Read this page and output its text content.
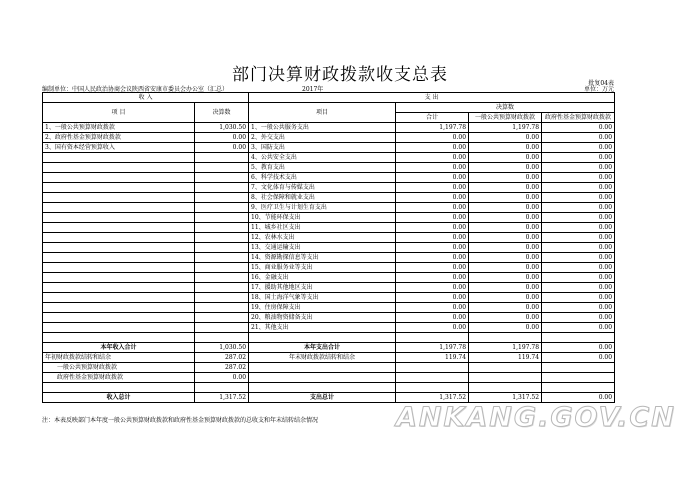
部门决算财政拨款收支总表	批复04表
编制单位：中国人民政治协商会议陕西省安康市委员会办公室（汇总）	2017年	单位：万元
收 入		支 出			
项 目	决算数	项目	决算数		
			合计	一般公共预算财政拨款	政府性基金预算财政拨款

1、一般公共预算财政拨款	1,030.50	1、一般公共服务支出	1,197.78	1,197.78	0.00
2、政府性基金预算财政拨款	0.00	2、外交支出	0.00	0.00	0.00
3、国有资本经营预算收入	0.00	3、国防支出	0.00	0.00	0.00
		4、公共安全支出	0.00	0.00	0.00
		5、教育支出	0.00	0.00	0.00
		6、科学技术支出	0.00	0.00	0.00
		7、文化体育与传媒支出	0.00	0.00	0.00
		8、社会保障和就业支出	0.00	0.00	0.00
		9、医疗卫生与计划生育支出	0.00	0.00	0.00
		10、节能环保支出	0.00	0.00	0.00
		11、城乡社区支出	0.00	0.00	0.00
		12、农林水支出	0.00	0.00	0.00
		13、交通运输支出	0.00	0.00	0.00
		14、资源勘探信息等支出	0.00	0.00	0.00
		15、商业服务业等支出	0.00	0.00	0.00
		16、金融支出	0.00	0.00	0.00
		17、援助其他地区支出	0.00	0.00	0.00
		18、国土海洋气象等支出	0.00	0.00	0.00
		19、住房保障支出	0.00	0.00	0.00
		20、粮油物资储备支出	0.00	0.00	0.00
		21、其他支出	0.00	0.00	0.00

本年收入合计	1,030.50	本年支出合计	1,197.78	1,197.78	0.00
年初财政拨款结转和结余	287.02	年末财政拨款结转和结余	119.74	119.74	0.00
一般公共预算财政拨款	287.02				
政府性基金预算财政拨款	0.00				

收入总计	1,317.52	支出总计	1,317.52	1,317.52	0.00
注：本表反映部门本年度一般公共预算财政拨款和政府性基金预算财政拨款的总收支和年末结转结余情况	ANKANG.GOV.CN
